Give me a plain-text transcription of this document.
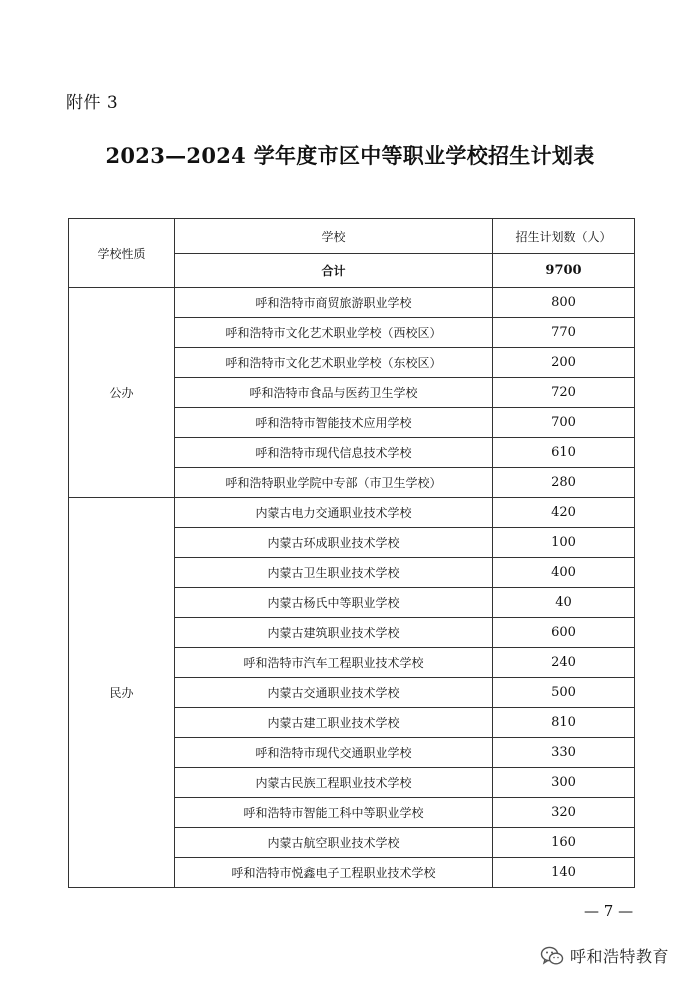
附件 3
2023—2024 学年度市区中等职业学校招生计划表
学校性质	学校	招生计划数（人）
	合计	9700
公办	呼和浩特市商贸旅游职业学校	800
	呼和浩特市文化艺术职业学校（西校区）	770
	呼和浩特市文化艺术职业学校（东校区）	200
	呼和浩特市食品与医药卫生学校	720
	呼和浩特市智能技术应用学校	700
	呼和浩特市现代信息技术学校	610
	呼和浩特职业学院中专部（市卫生学校）	280
民办	内蒙古电力交通职业技术学校	420
	内蒙古环成职业技术学校	100
	内蒙古卫生职业技术学校	400
	内蒙古杨氏中等职业学校	40
	内蒙古建筑职业技术学校	600
	呼和浩特市汽车工程职业技术学校	240
	内蒙古交通职业技术学校	500
	内蒙古建工职业技术学校	810
	呼和浩特市现代交通职业学校	330
	内蒙古民族工程职业技术学校	300
	呼和浩特市智能工科中等职业学校	320
	内蒙古航空职业技术学校	160
	呼和浩特市悦鑫电子工程职业技术学校	140
— 7 —
呼和浩特教育
